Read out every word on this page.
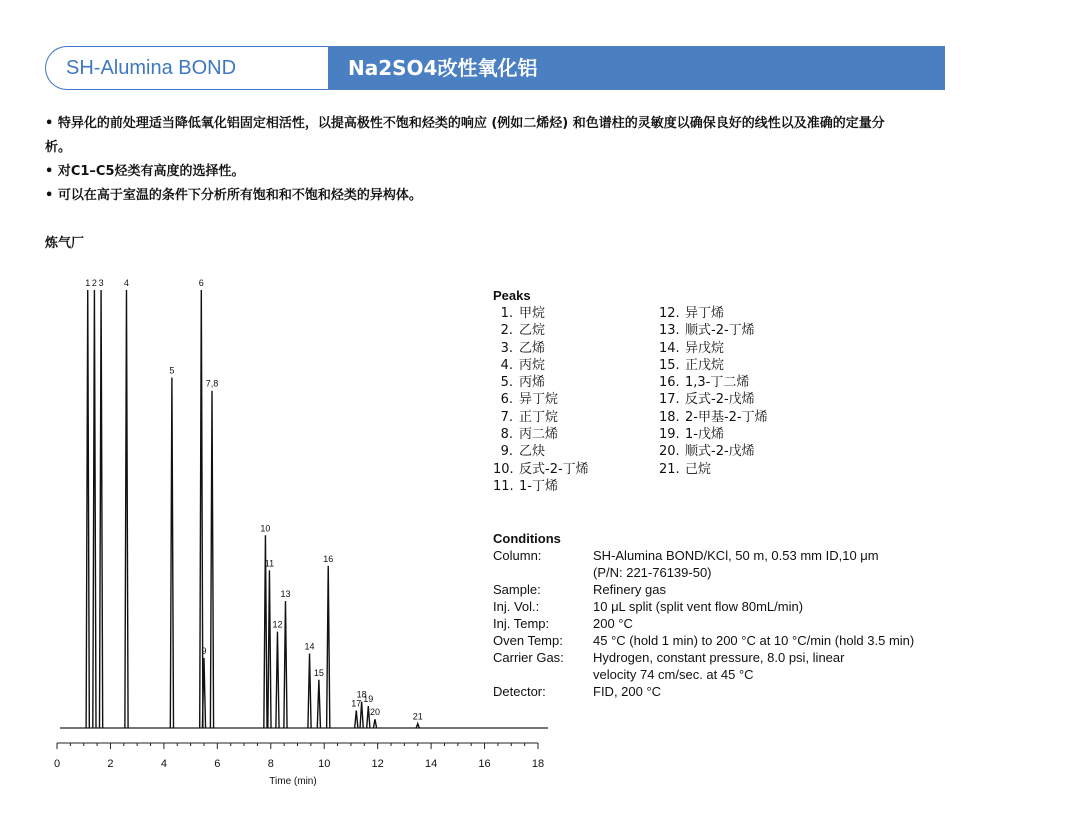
SH-Alumina BOND	Na2SO4改性氧化铝
• 特异化的前处理适当降低氧化铝固定相活性，以提高极性不饱和烃类的响应 (例如二烯烃) 和色谱柱的灵敏度以确保良好的线性以及准确的定量分
析。
• 对C1–C5烃类有高度的选择性。
• 可以在高于室温的条件下分析所有饱和和不饱和烃类的异构体。
炼气厂
1 2 3 4
5
6
7,8
9
10
11
12
13
14
15
16
17
18
19
20	21
0	2	4	6	8	10	12	14	16	18
Time (min)
Peaks
1. 甲烷
2. 乙烷
3. 乙烯
4. 丙烷
5. 丙烯
6. 异丁烷
7. 正丁烷
8. 丙二烯
9. 乙炔
10. 反式-2-丁烯
11. 1-丁烯
12. 异丁烯
13. 顺式-2-丁烯
14. 异戊烷
15. 正戊烷
16. 1,3-丁二烯
17. 反式-2-戊烯
18. 2-甲基-2-丁烯
19. 1-戊烯
20. 顺式-2-戊烯
21. 己烷
Conditions
Column:	SH-Alumina BOND/KCl, 50 m, 0.53 mm ID,10 μm
(P/N: 221-76139-50)
Sample:	Refinery gas
Inj. Vol.:	10 μL split (split vent flow 80mL/min)
Inj. Temp:	200 °C
Oven Temp:	45 °C (hold 1 min) to 200 °C at 10 °C/min (hold 3.5 min)
Carrier Gas:	Hydrogen, constant pressure, 8.0 psi, linear
velocity 74 cm/sec. at 45 °C
Detector:	FID, 200 °C
